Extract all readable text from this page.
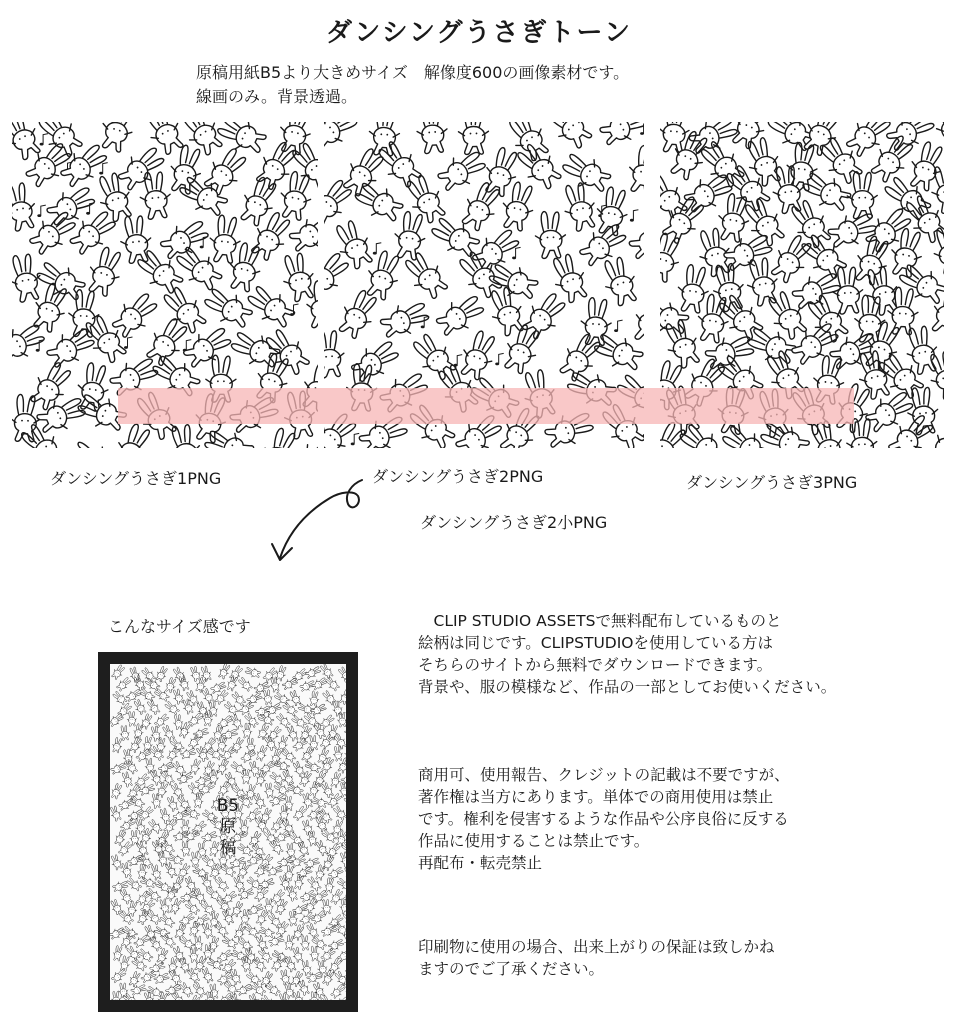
ダンシングうさぎトーン
原稿用紙B5より大きめサイズ　解像度600の画像素材です。
線画のみ。背景透過。
ダンシングうさぎ1PNG	ダンシングうさぎ2PNG	ダンシングうさぎ3PNG
ダンシングうさぎ2小PNG
こんなサイズ感です
B5
原
稿
　CLIP STUDIO ASSETSで無料配布しているものと
絵柄は同じです。CLIPSTUDIOを使用している方は
そちらのサイトから無料でダウンロードできます。
背景や、服の模様など、作品の一部としてお使いください。
商用可、使用報告、クレジットの記載は不要ですが、
著作権は当方にあります。単体での商用使用は禁止
です。権利を侵害するような作品や公序良俗に反する
作品に使用することは禁止です。
再配布・転売禁止
印刷物に使用の場合、出来上がりの保証は致しかね
ますのでご了承ください。
